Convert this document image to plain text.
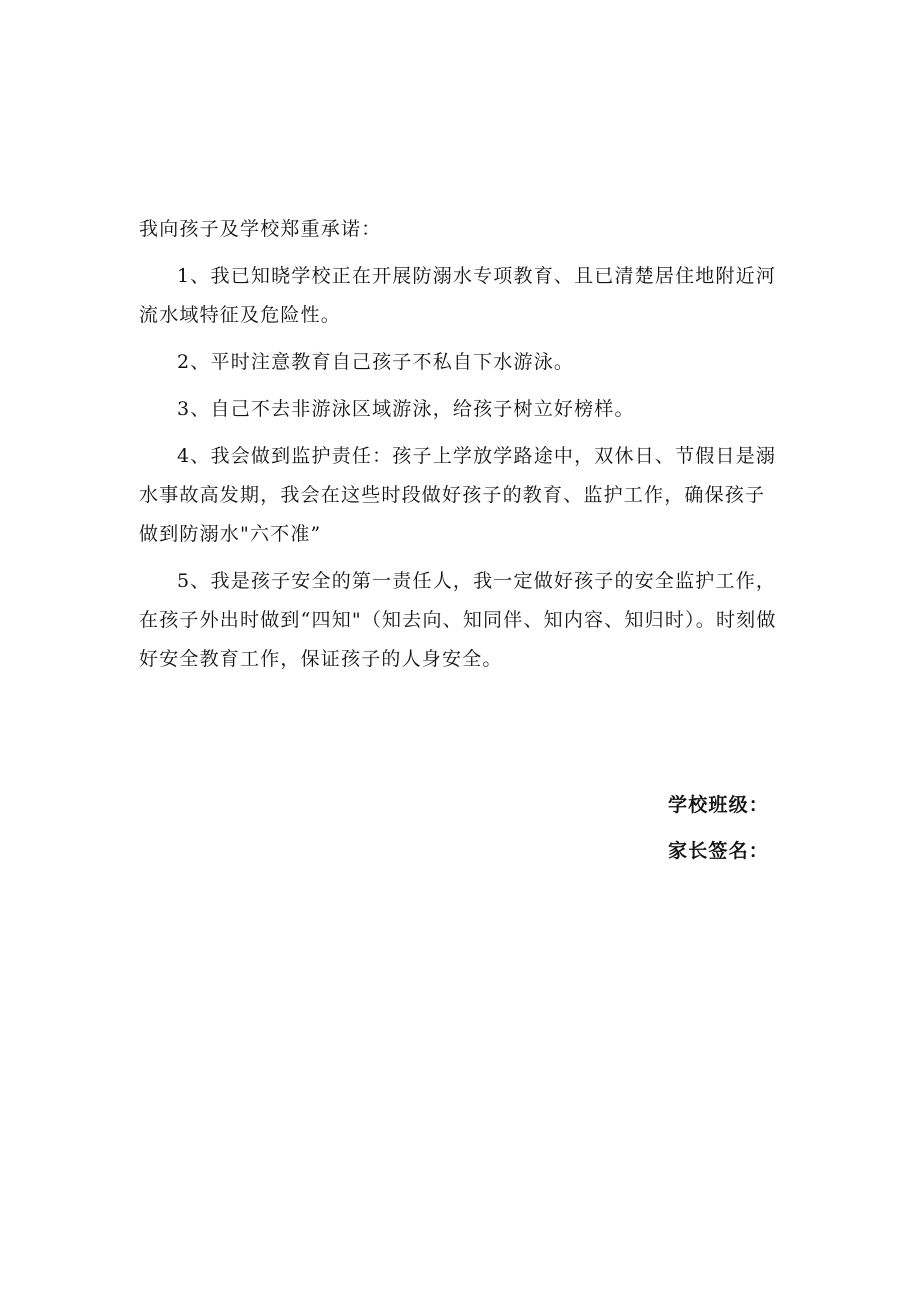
我向孩子及学校郑重承诺：

1、我已知晓学校正在开展防溺水专项教育、且已清楚居住地附近河流水域特征及危险性。

2、平时注意教育自己孩子不私自下水游泳。

3、自己不去非游泳区域游泳，给孩子树立好榜样。

4、我会做到监护责任：孩子上学放学路途中，双休日、节假日是溺水事故高发期，我会在这些时段做好孩子的教育、监护工作，确保孩子做到防溺水"六不准”

5、我是孩子安全的第一责任人，我一定做好孩子的安全监护工作，在孩子外出时做到“四知"（知去向、知同伴、知内容、知归时）。时刻做好安全教育工作，保证孩子的人身安全。

学校班级：

家长签名：
